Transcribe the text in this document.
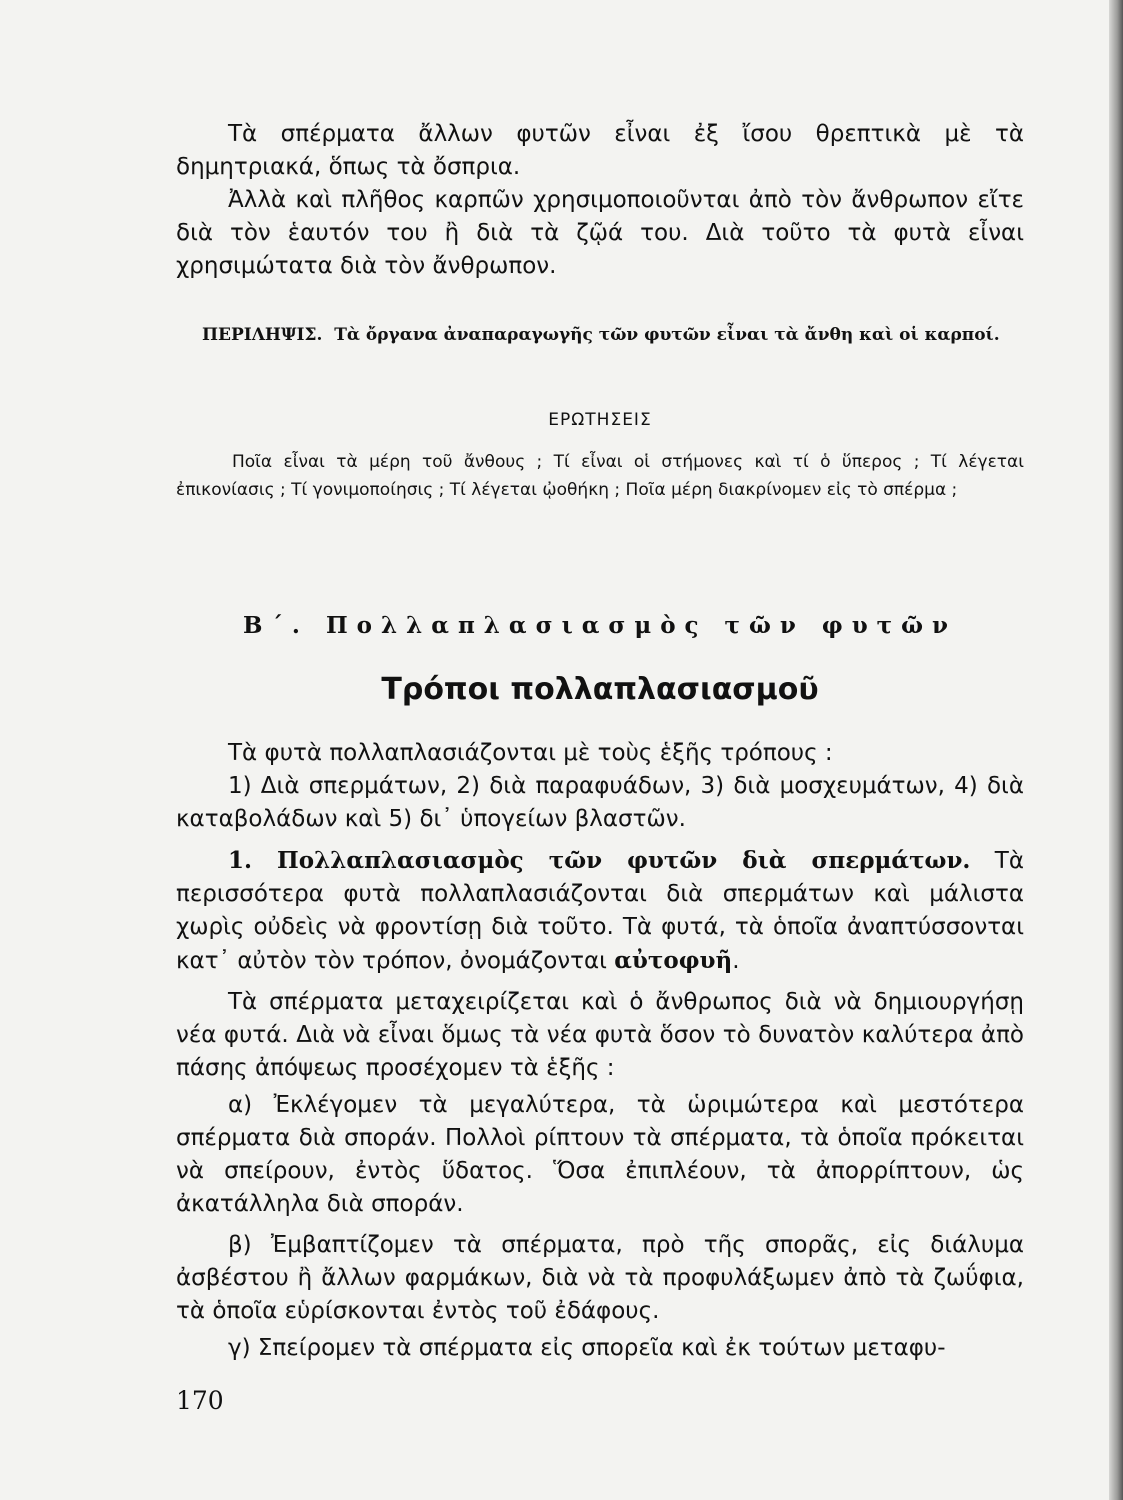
Τὰ σπέρματα ἄλλων φυτῶν εἶναι ἐξ ἴσου θρεπτικὰ μὲ τὰ δημητριακά, ὅπως τὰ ὄσπρια.

Ἀλλὰ καὶ πλῆθος καρπῶν χρησιμοποιοῦνται ἀπὸ τὸν ἄνθρωπον εἴτε διὰ τὸν ἑαυτόν του ἢ διὰ τὰ ζῷά του. Διὰ τοῦτο τὰ φυτὰ εἶναι χρησιμώτατα διὰ τὸν ἄνθρωπον.

ΠΕΡΙΛΗΨΙΣ. Τὰ ὄργανα ἀναπαραγωγῆς τῶν φυτῶν εἶναι τὰ ἄνθη καὶ οἱ καρποί.

ΕΡΩΤΗΣΕΙΣ

Ποῖα εἶναι τὰ μέρη τοῦ ἄνθους ; Τί εἶναι οἱ στήμονες καὶ τί ὁ ὕπερος ; Τί λέγεται ἐπικονίασις ; Τί γονιμοποίησις ; Τί λέγεται ᾠοθήκη ; Ποῖα μέρη διακρίνομεν εἰς τὸ σπέρμα ;

Β΄. Πολλαπλασιασμὸς τῶν φυτῶν
Τρόποι πολλαπλασιασμοῦ

Τὰ φυτὰ πολλαπλασιάζονται μὲ τοὺς ἑξῆς τρόπους :

1) Διὰ σπερμάτων, 2) διὰ παραφυάδων, 3) διὰ μοσχευμάτων, 4) διὰ καταβολάδων καὶ 5) δι᾽ ὑπογείων βλαστῶν.

1. Πολλαπλασιασμὸς τῶν φυτῶν διὰ σπερμάτων. Τὰ περισσότερα φυτὰ πολλαπλασιάζονται διὰ σπερμάτων καὶ μάλιστα χωρὶς οὐδεὶς νὰ φροντίσῃ διὰ τοῦτο. Τὰ φυτά, τὰ ὁποῖα ἀναπτύσσονται κατ᾽ αὐτὸν τὸν τρόπον, ὀνομάζονται αὐτοφυῆ.

Τὰ σπέρματα μεταχειρίζεται καὶ ὁ ἄνθρωπος διὰ νὰ δημιουργήσῃ νέα φυτά. Διὰ νὰ εἶναι ὅμως τὰ νέα φυτὰ ὅσον τὸ δυνατὸν καλύτερα ἀπὸ πάσης ἀπόψεως προσέχομεν τὰ ἑξῆς :

α) Ἐκλέγομεν τὰ μεγαλύτερα, τὰ ὡριμώτερα καὶ μεστότερα σπέρματα διὰ σποράν. Πολλοὶ ρίπτουν τὰ σπέρματα, τὰ ὁποῖα πρόκειται νὰ σπείρουν, ἐντὸς ὕδατος. Ὅσα ἐπιπλέουν, τὰ ἀπορρίπτουν, ὡς ἀκατάλληλα διὰ σποράν.

β) Ἐμβαπτίζομεν τὰ σπέρματα, πρὸ τῆς σπορᾶς, εἰς διάλυμα ἀσβέστου ἢ ἄλλων φαρμάκων, διὰ νὰ τὰ προφυλάξωμεν ἀπὸ τὰ ζωΰφια, τὰ ὁποῖα εὑρίσκονται ἐντὸς τοῦ ἐδάφους.

γ) Σπείρομεν τὰ σπέρματα εἰς σπορεῖα καὶ ἐκ τούτων μεταφυ-

170
